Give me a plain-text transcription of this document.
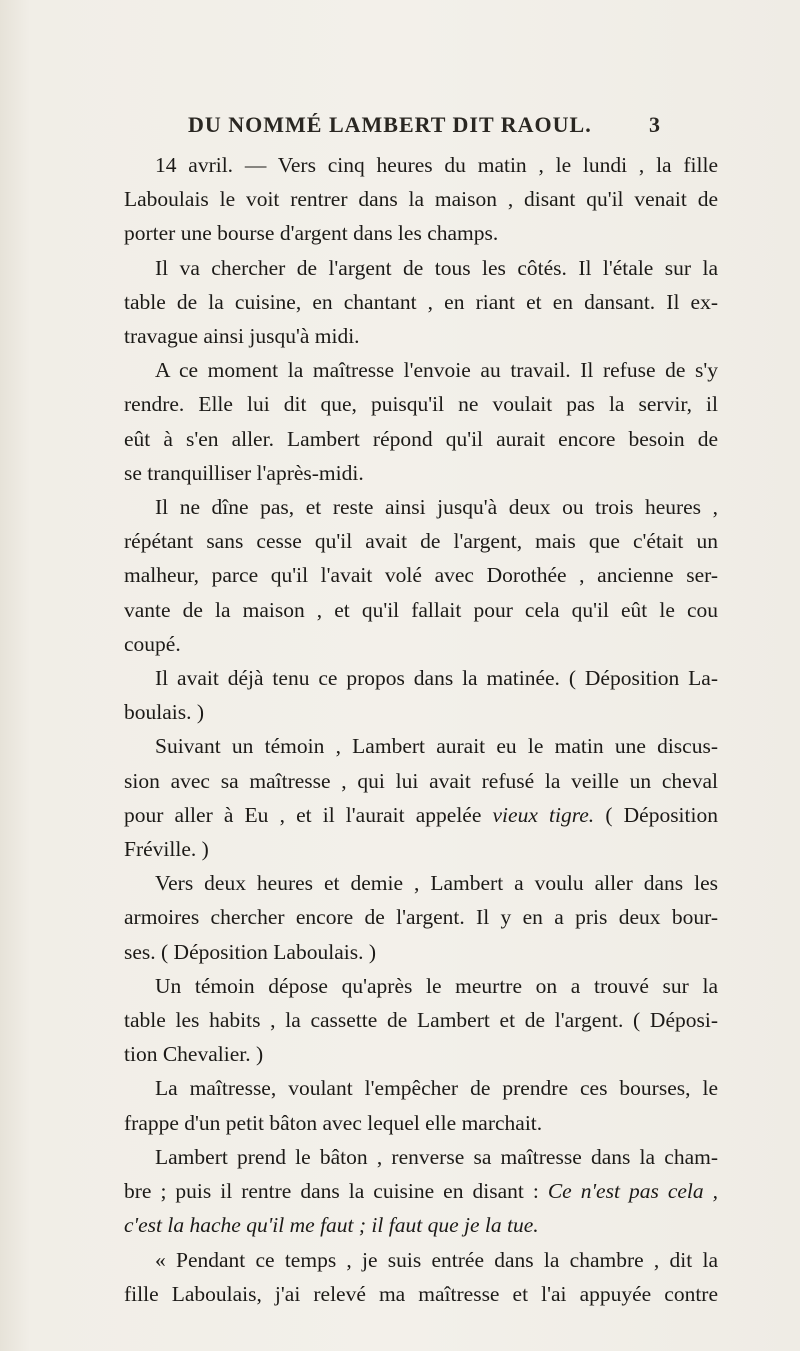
DU NOMMÉ LAMBERT DIT RAOUL.	3

14 avril. — Vers cinq heures du matin , le lundi , la fille
Laboulais le voit rentrer dans la maison , disant qu'il venait de
porter une bourse d'argent dans les champs.

Il va chercher de l'argent de tous les côtés. Il l'étale sur la
table de la cuisine, en chantant , en riant et en dansant. Il ex-
travague ainsi jusqu'à midi.

A ce moment la maîtresse l'envoie au travail. Il refuse de s'y
rendre. Elle lui dit que, puisqu'il ne voulait pas la servir, il
eût à s'en aller. Lambert répond qu'il aurait encore besoin de
se tranquilliser l'après-midi.

Il ne dîne pas, et reste ainsi jusqu'à deux ou trois heures ,
répétant sans cesse qu'il avait de l'argent, mais que c'était un
malheur, parce qu'il l'avait volé avec Dorothée , ancienne ser-
vante de la maison , et qu'il fallait pour cela qu'il eût le cou
coupé.

Il avait déjà tenu ce propos dans la matinée. ( Déposition La-
boulais. )

Suivant un témoin , Lambert aurait eu le matin une discus-
sion avec sa maîtresse , qui lui avait refusé la veille un cheval
pour aller à Eu , et il l'aurait appelée vieux tigre. ( Déposition
Fréville. )

Vers deux heures et demie , Lambert a voulu aller dans les
armoires chercher encore de l'argent. Il y en a pris deux bour-
ses. ( Déposition Laboulais. )

Un témoin dépose qu'après le meurtre on a trouvé sur la
table les habits , la cassette de Lambert et de l'argent. ( Déposi-
tion Chevalier. )

La maîtresse, voulant l'empêcher de prendre ces bourses, le
frappe d'un petit bâton avec lequel elle marchait.

Lambert prend le bâton , renverse sa maîtresse dans la cham-
bre ; puis il rentre dans la cuisine en disant : Ce n'est pas cela ,
c'est la hache qu'il me faut ; il faut que je la tue.

« Pendant ce temps , je suis entrée dans la chambre , dit la
fille Laboulais, j'ai relevé ma maîtresse et l'ai appuyée contre
